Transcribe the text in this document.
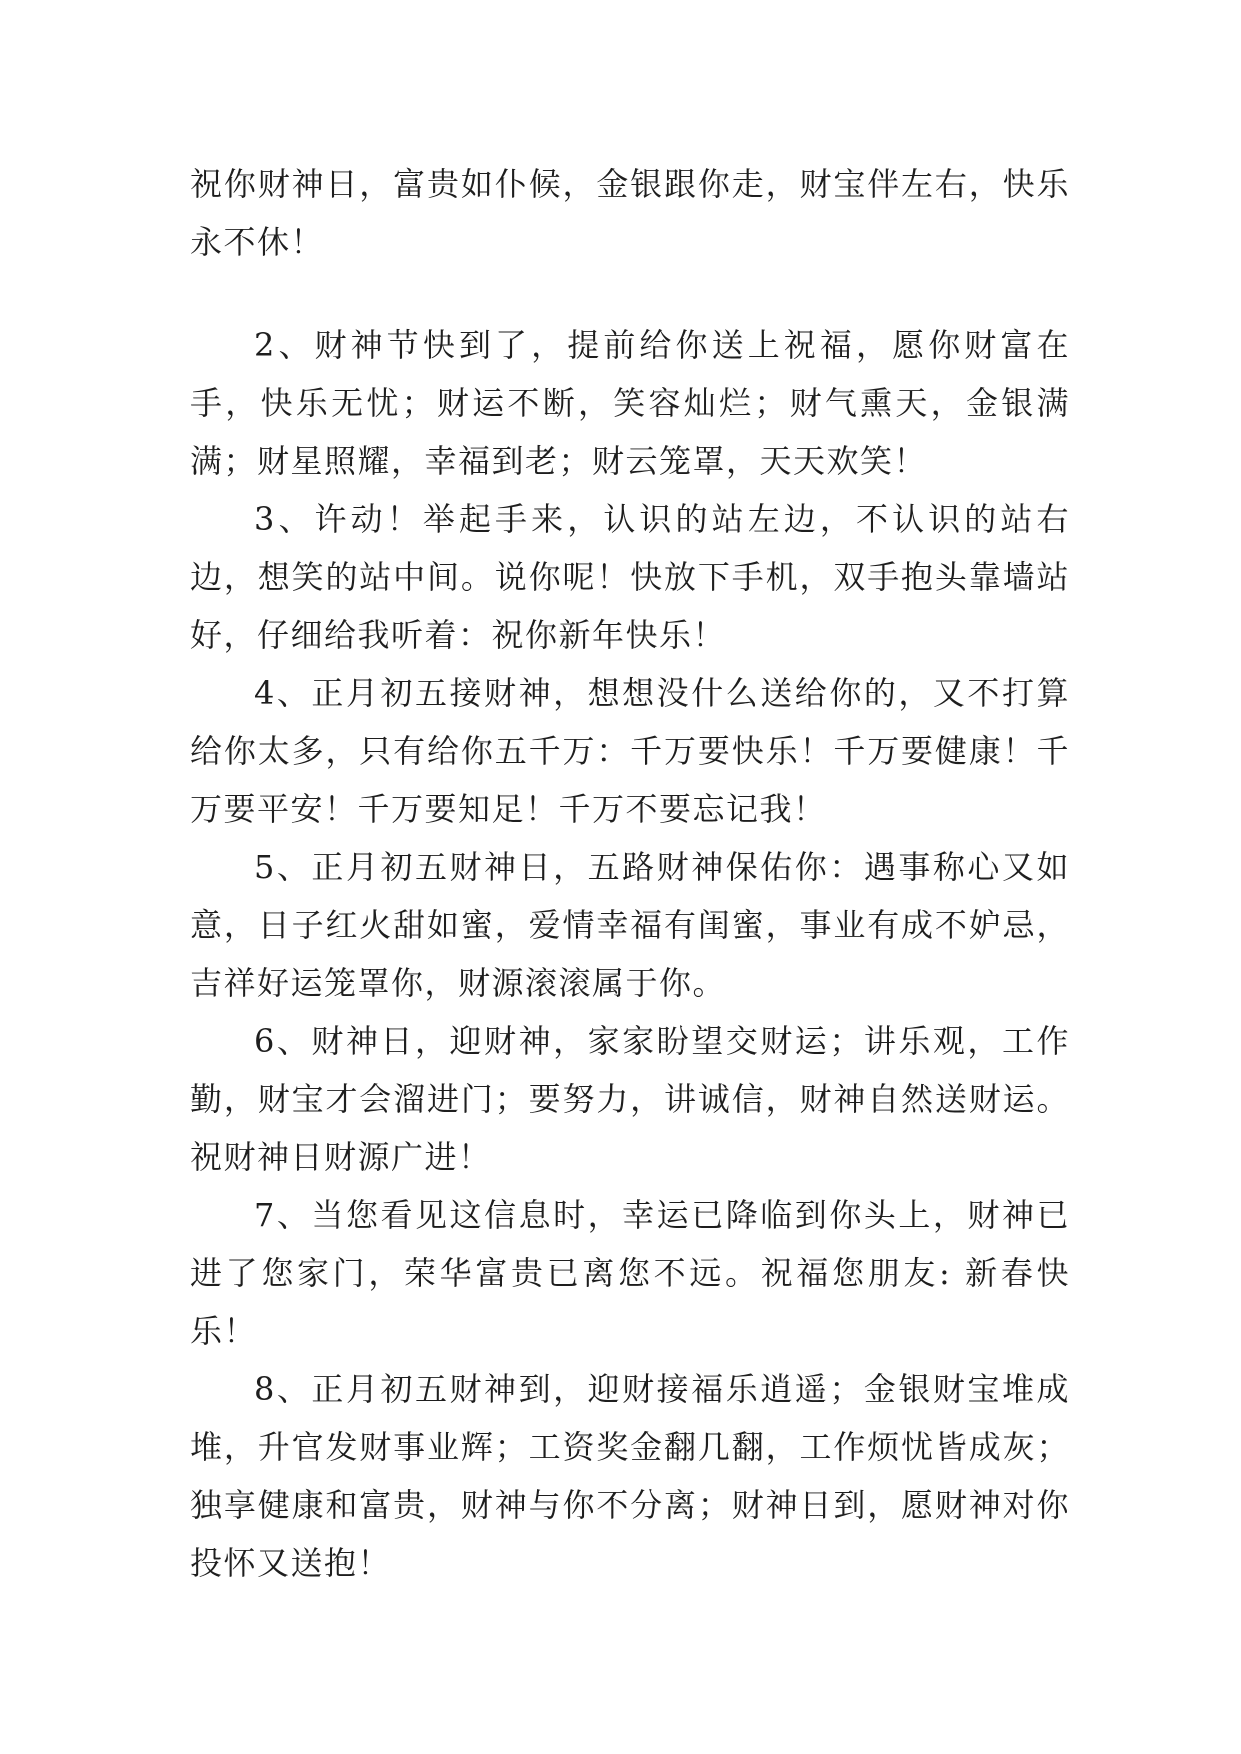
祝你财神日，富贵如仆候，金银跟你走，财宝伴左右，快乐永不休！

2、财神节快到了，提前给你送上祝福，愿你财富在手，快乐无忧；财运不断，笑容灿烂；财气熏天，金银满满；财星照耀，幸福到老；财云笼罩，天天欢笑！

3、许动！举起手来，认识的站左边，不认识的站右边，想笑的站中间。说你呢！快放下手机，双手抱头靠墙站好，仔细给我听着：祝你新年快乐！

4、正月初五接财神，想想没什么送给你的，又不打算给你太多，只有给你五千万：千万要快乐！千万要健康！千万要平安！千万要知足！千万不要忘记我！

5、正月初五财神日，五路财神保佑你：遇事称心又如意，日子红火甜如蜜，爱情幸福有闺蜜，事业有成不妒忌，吉祥好运笼罩你，财源滚滚属于你。

6、财神日，迎财神，家家盼望交财运；讲乐观，工作勤，财宝才会溜进门；要努力，讲诚信，财神自然送财运。祝财神日财源广进！

7、当您看见这信息时，幸运已降临到你头上，财神已进了您家门，荣华富贵已离您不远。祝福您朋友: 新春快乐！

8、正月初五财神到，迎财接福乐逍遥；金银财宝堆成堆，升官发财事业辉；工资奖金翻几翻，工作烦忧皆成灰；独享健康和富贵，财神与你不分离；财神日到，愿财神对你投怀又送抱！
